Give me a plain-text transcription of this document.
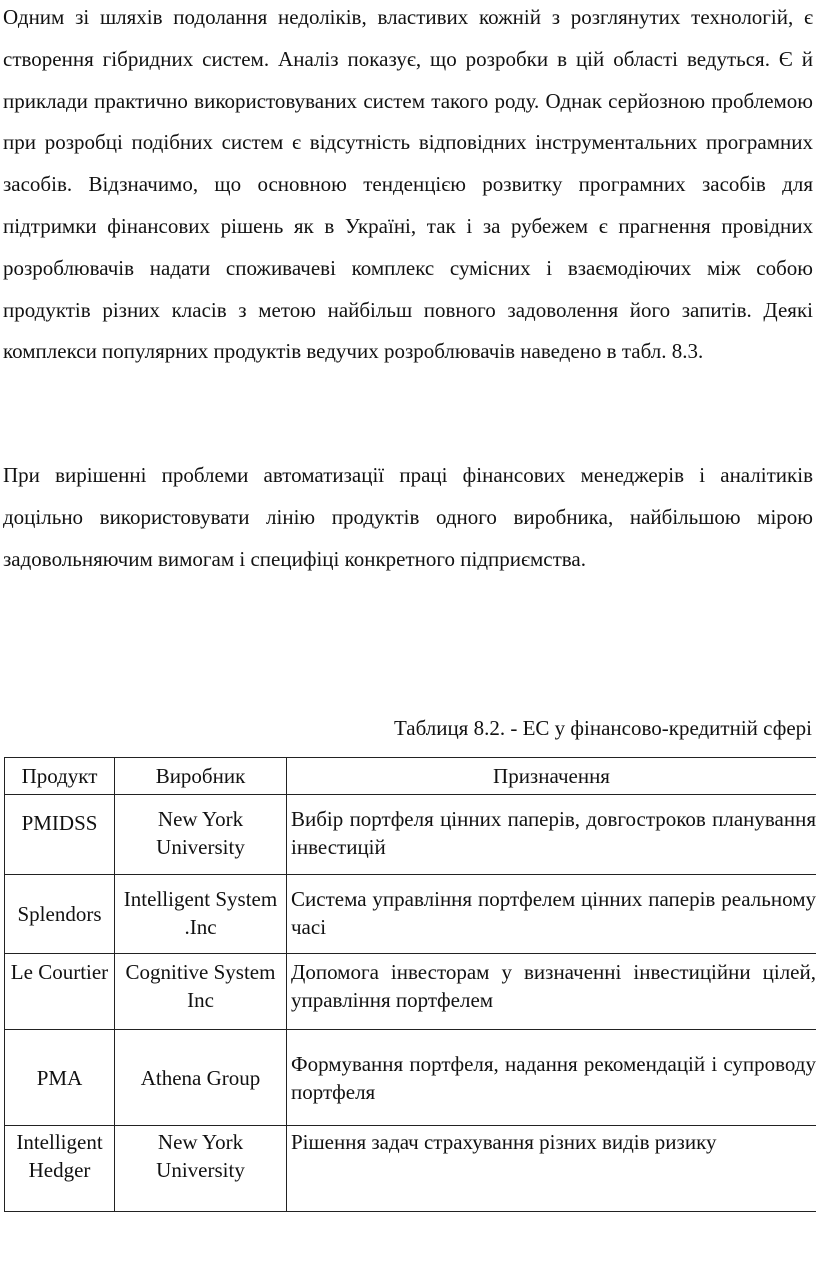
Одним зі шляхів подолання недоліків, властивих кожній з розглянутих технологій, є створення гібридних систем. Аналіз показує, що розробки в цій області ведуться. Є й приклади практично використовуваних систем такого роду. Однак серйозною проблемою при розробці подібних систем є відсутність відповідних інструментальних програмних засобів. Відзначимо, що основною тенденцією розвитку програмних засобів для підтримки фінансових рішень як в Україні, так і за рубежем є прагнення провідних розроблювачів надати споживачеві комплекс сумісних і взаємодіючих між собою продуктів різних класів з метою найбільш повного задоволення його запитів. Деякі комплекси популярних продуктів ведучих розроблювачів наведено в табл. 8.3.

При вирішенні проблеми автоматизації праці фінансових менеджерів і аналітиків доцільно використовувати лінію продуктів одного виробника, найбільшою мірою задовольняючим вимогам і специфіці конкретного підприємства.

Таблиця 8.2. - ЕС у фінансово-кредитній сфері
Продукт	Виробник	Призначення

PMIDSS	New York University	Вибір портфеля цінних паперів, довгостроков планування інвестицій

Splendors	Intelligent System .Inc	Система управління портфелем цінних паперів реальному часі

Le Courtier	Cognitive System Inc	Допомога інвесторам у визначенні інвестиційни цілей, управління портфелем

PMA	Athena Group	Формування портфеля, надання рекомендацій і супроводу портфеля

Intelligent Hedger	New York University	Рішення задач страхування різних видів ризику
